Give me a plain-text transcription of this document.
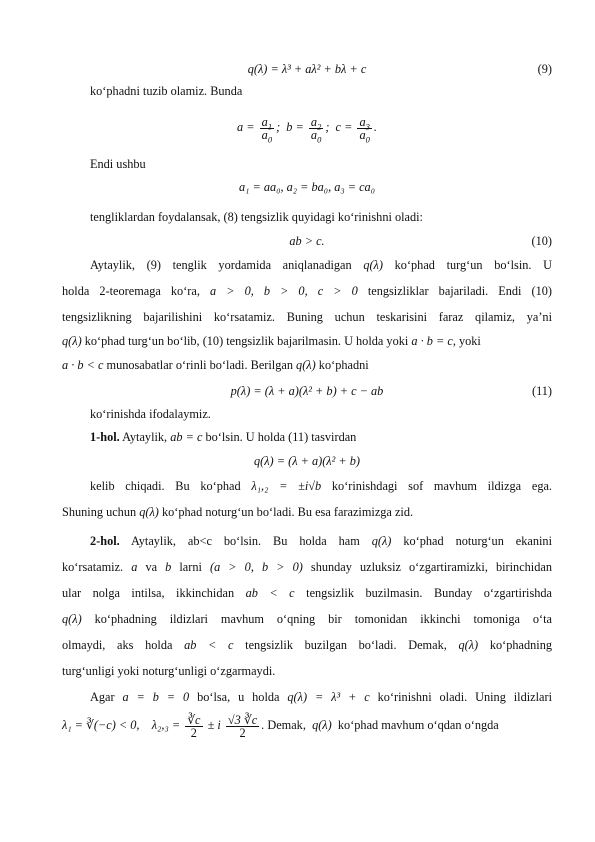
q(λ) = λ³ + aλ² + bλ + c	(9)
ko‘phadni tuzib olamiz. Bunda
$a = \frac{a_1}{a_0}$ ;  $b = \frac{a_2}{a_0}$ ;  $c = \frac{a_3}{a_0}$ .
Endi ushbu
a₁ = aa₀, a₂ = ba₀, a₃ = ca₀
tengliklardan foydalansak, (8) tengsizlik quyidagi ko‘rinishni oladi:
ab > c.	(10)
Aytaylik, (9) tenglik yordamida aniqlanadigan q(λ) ko‘phad turg‘un bo‘lsin. U
holda 2-teoremaga ko‘ra, a > 0, b > 0, c > 0 tengsizliklar bajariladi. Endi (10)
tengsizlikning bajarilishini ko‘rsatamiz. Buning uchun teskarisini faraz qilamiz, ya’ni
q(λ) ko‘phad turg‘un bo‘lib, (10) tengsizlik bajarilmasin. U holda yoki a · b = c, yoki
a · b < c munosabatlar o‘rinli bo‘ladi. Berilgan q(λ) ko‘phadni
p(λ) = (λ + a)(λ² + b) + c − ab	(11)
ko‘rinishda ifodalaymiz.
1-hol. Aytaylik, ab = c bo‘lsin. U holda (11) tasvirdan
q(λ) = (λ + a)(λ² + b)
kelib chiqadi. Bu ko‘phad λ₁,₂ = ±i√b ko‘rinishdagi sof mavhum ildizga ega.
Shuning uchun q(λ) ko‘phad noturg‘un bo‘ladi. Bu esa farazimizga zid.
2-hol. Aytaylik, ab<c bo‘lsin. Bu holda ham q(λ) ko‘phad noturg‘un ekanini
ko‘rsatamiz. a va b larni (a > 0, b > 0) shunday uzluksiz o‘zgartiramizki, birinchidan
ular nolga intilsa, ikkinchidan ab < c tengsizlik buzilmasin. Bunday o‘zgartirishda
q(λ) ko‘phadning ildizlari mavhum o‘qning bir tomonidan ikkinchi tomoniga o‘ta
olmaydi, aks holda ab < c tengsizlik buzilgan bo‘ladi. Demak, q(λ) ko‘phadning
turg‘unligi yoki noturg‘unligi o‘zgarmaydi.
Agar a = b = 0 bo‘lsa, u holda q(λ) = λ³ + c ko‘rinishni oladi. Uning ildizlari
λ₁ = ∛(−c) < 0, $\lambda_2,_3 = \frac{∛c}{2} \pm i \frac{√3 ∛c}{2}$ . Demak, q(λ) ko‘phad mavhum o‘qdan o‘ngda
